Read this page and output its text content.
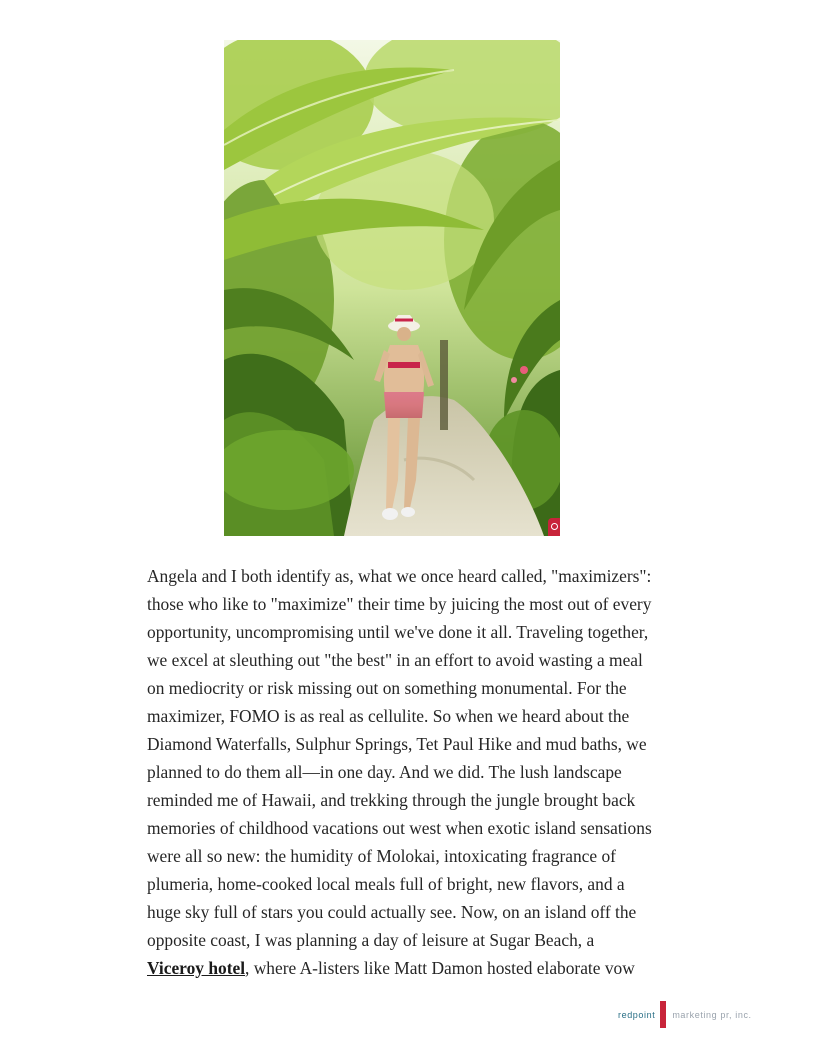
Angela and I both identify as, what we once heard called, "maximizers":
those who like to "maximize" their time by juicing the most out of every
opportunity, uncompromising until we've done it all. Traveling together,
we excel at sleuthing out "the best" in an effort to avoid wasting a meal
on mediocrity or risk missing out on something monumental. For the
maximizer, FOMO is as real as cellulite. So when we heard about the
Diamond Waterfalls, Sulphur Springs, Tet Paul Hike and mud baths, we
planned to do them all—in one day. And we did. The lush landscape
reminded me of Hawaii, and trekking through the jungle brought back
memories of childhood vacations out west when exotic island sensations
were all so new: the humidity of Molokai, intoxicating fragrance of
plumeria, home-cooked local meals full of bright, new flavors, and a
huge sky full of stars you could actually see. Now, on an island off the
opposite coast, I was planning a day of leisure at Sugar Beach, a
Viceroy hotel, where A-listers like Matt Damon hosted elaborate vow
redpoint marketing pr, inc.
